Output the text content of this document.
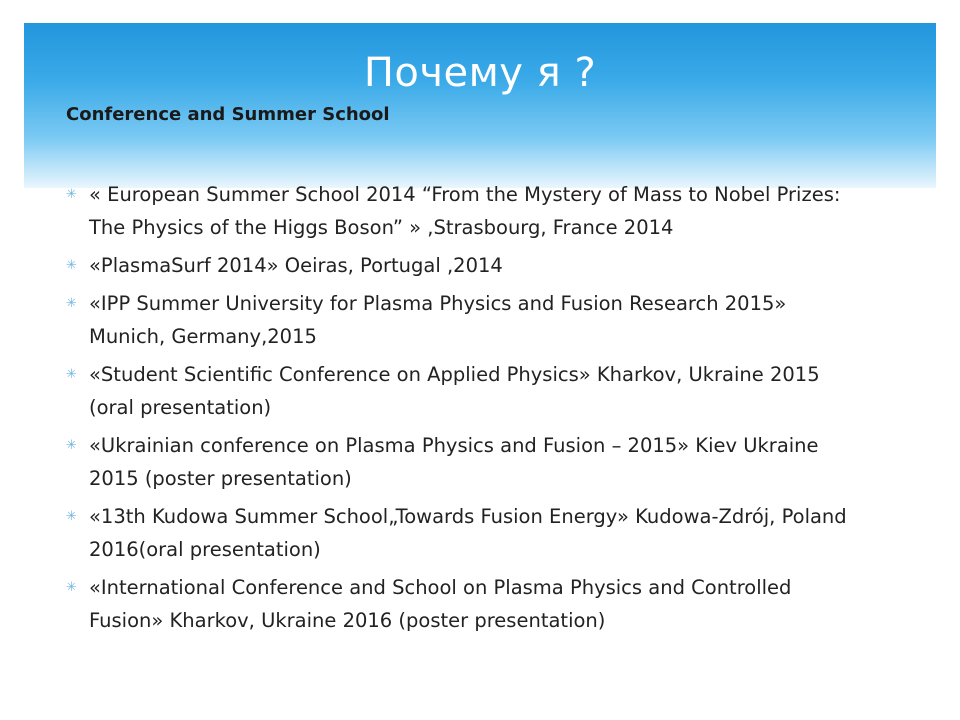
Почему я ?
Conference and Summer School
✳ « European Summer School 2014 “From the Mystery of Mass to Nobel Prizes: The Physics of the Higgs Boson” » ,Strasbourg, France 2014
✳ «PlasmaSurf 2014» Oeiras, Portugal ,2014
✳ «IPP Summer University for Plasma Physics and Fusion Research 2015» Munich, Germany,2015
✳ «Student Scientific Conference on Applied Physics» Kharkov, Ukraine 2015 (oral presentation)
✳ «Ukrainian conference on Plasma Physics and Fusion – 2015» Kiev Ukraine 2015 (poster presentation)
✳ «13th Kudowa Summer School„Towards Fusion Energy» Kudowa-Zdrój, Poland 2016(oral presentation)
✳ «International Conference and School on Plasma Physics and Controlled Fusion» Kharkov, Ukraine 2016 (poster presentation)
